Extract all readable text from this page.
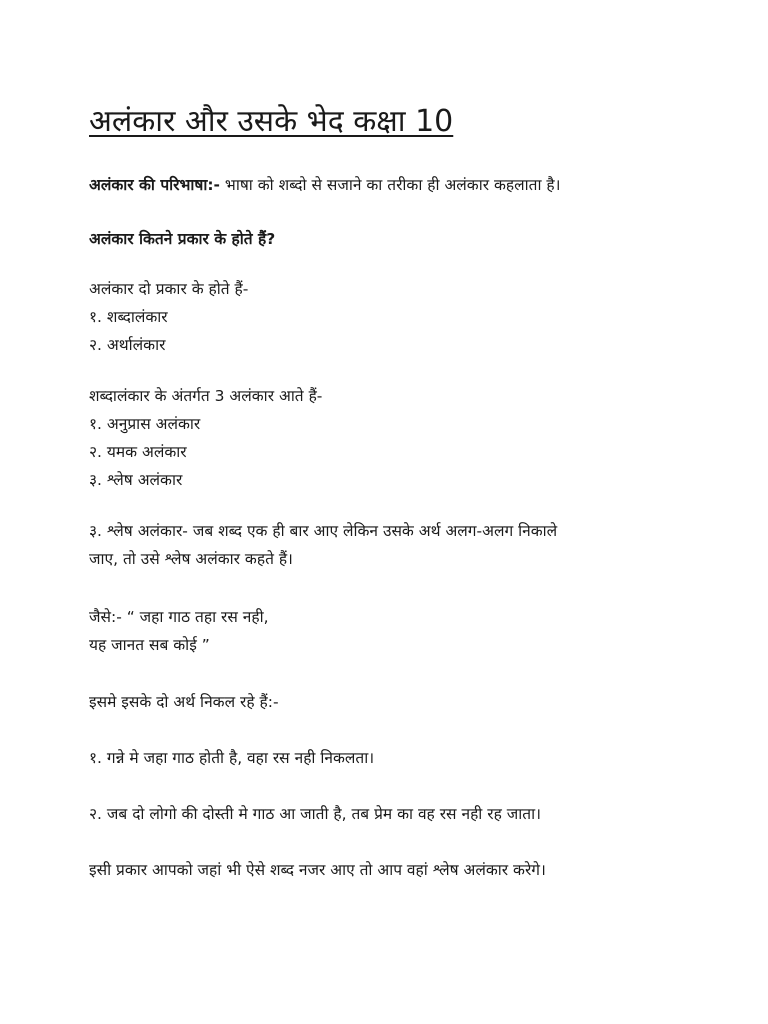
अलंकार और उसके भेद कक्षा 10

अलंकार की परिभाषा:- भाषा को शब्दो से सजाने का तरीका ही अलंकार कहलाता है।

अलंकार कितने प्रकार के होते हैं?

अलंकार दो प्रकार के होते हैं-

१. शब्दालंकार

२. अर्थालंकार

शब्दालंकार के अंतर्गत 3 अलंकार आते हैं-

१. अनुप्रास अलंकार

२. यमक अलंकार

३. श्लेष अलंकार

३. श्लेष अलंकार- जब शब्द एक ही बार आए लेकिन उसके अर्थ अलग-अलग निकाले

जाए, तो उसे श्लेष अलंकार कहते हैं।

जैसे:- “ जहा गाठ तहा रस नही,

यह जानत सब कोई ”

इसमे इसके दो अर्थ निकल रहे हैं:-

१. गन्ने मे जहा गाठ होती है, वहा रस नही निकलता।

२. जब दो लोगो की दोस्ती मे गाठ आ जाती है, तब प्रेम का वह रस नही रह जाता।

इसी प्रकार आपको जहां भी ऐसे शब्द नजर आए तो आप वहां श्लेष अलंकार करेगे।
